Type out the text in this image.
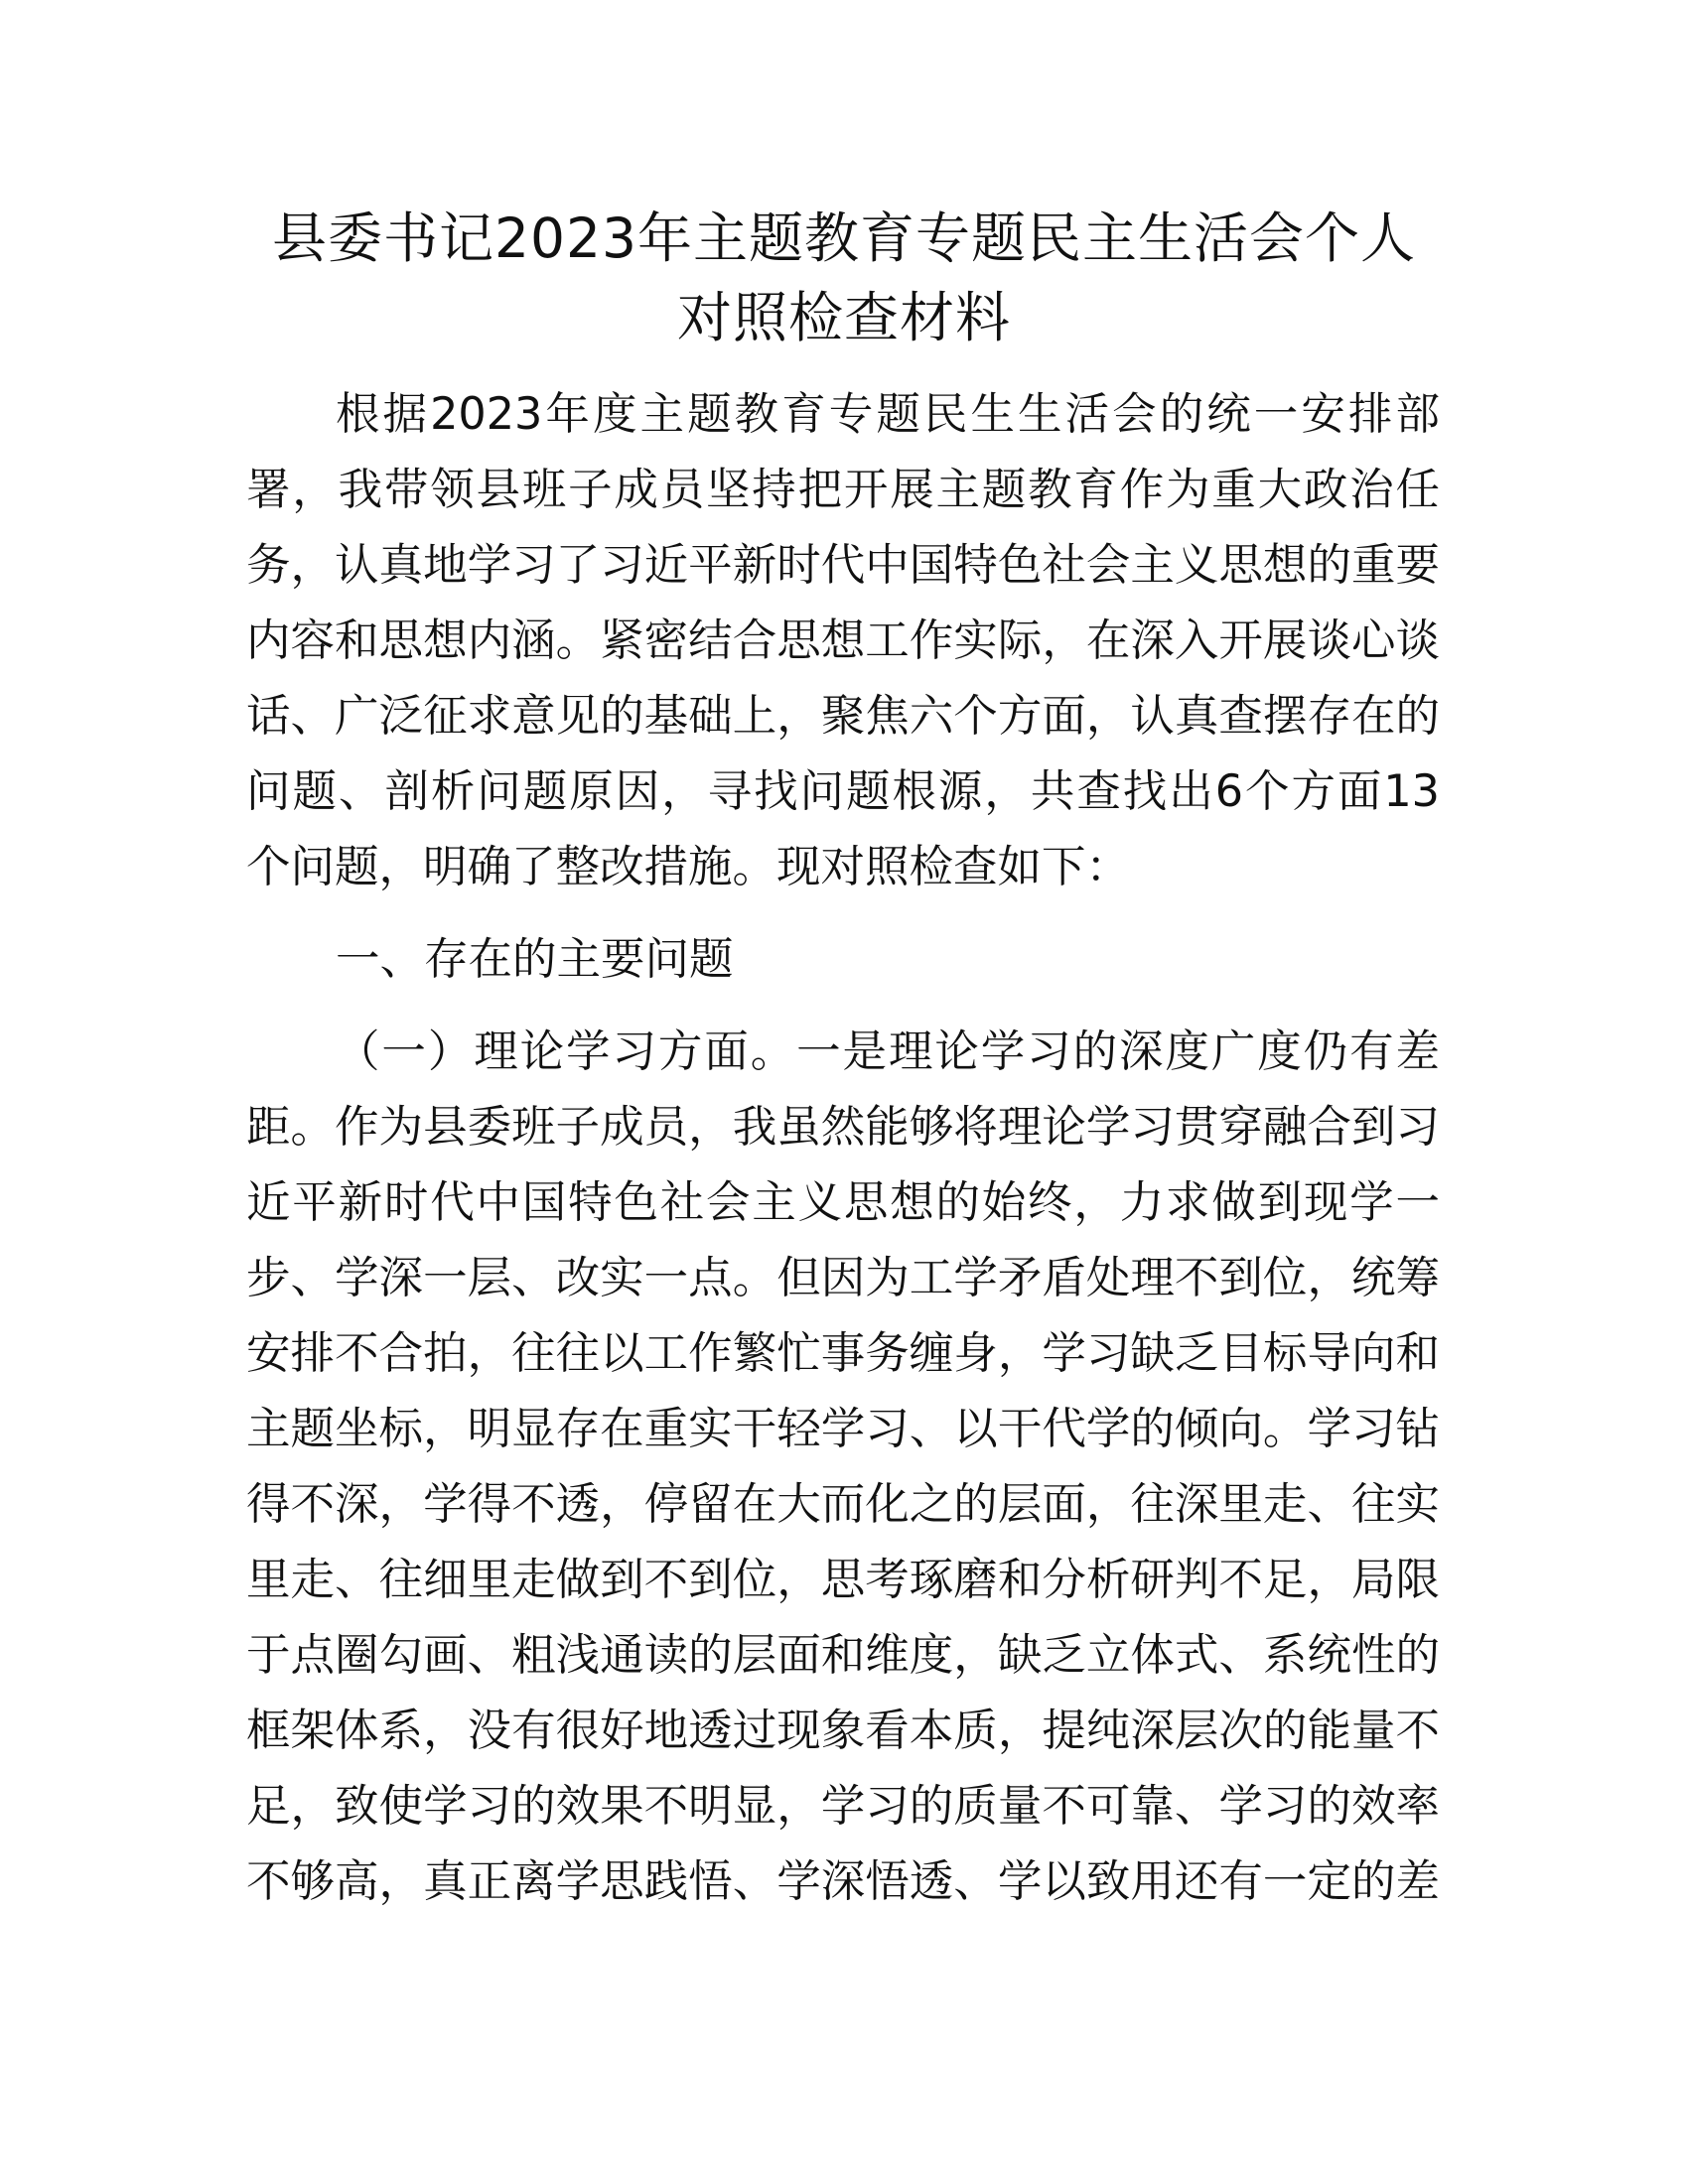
县委书记2023年主题教育专题民主生活会个人
对照检查材料
根据2023年度主题教育专题民生生活会的统一安排部
署，我带领县班子成员坚持把开展主题教育作为重大政治任
务，认真地学习了习近平新时代中国特色社会主义思想的重要
内容和思想内涵。紧密结合思想工作实际，在深入开展谈心谈
话、广泛征求意见的基础上，聚焦六个方面，认真查摆存在的
问题、剖析问题原因，寻找问题根源，共查找出6个方面13
个问题，明确了整改措施。现对照检查如下：
一、存在的主要问题
（一）理论学习方面。一是理论学习的深度广度仍有差
距。作为县委班子成员，我虽然能够将理论学习贯穿融合到习
近平新时代中国特色社会主义思想的始终，力求做到现学一
步、学深一层、改实一点。但因为工学矛盾处理不到位，统筹
安排不合拍，往往以工作繁忙事务缠身，学习缺乏目标导向和
主题坐标，明显存在重实干轻学习、以干代学的倾向。学习钻
得不深，学得不透，停留在大而化之的层面，往深里走、往实
里走、往细里走做到不到位，思考琢磨和分析研判不足，局限
于点圈勾画、粗浅通读的层面和维度，缺乏立体式、系统性的
框架体系，没有很好地透过现象看本质，提纯深层次的能量不
足，致使学习的效果不明显，学习的质量不可靠、学习的效率
不够高，真正离学思践悟、学深悟透、学以致用还有一定的差
